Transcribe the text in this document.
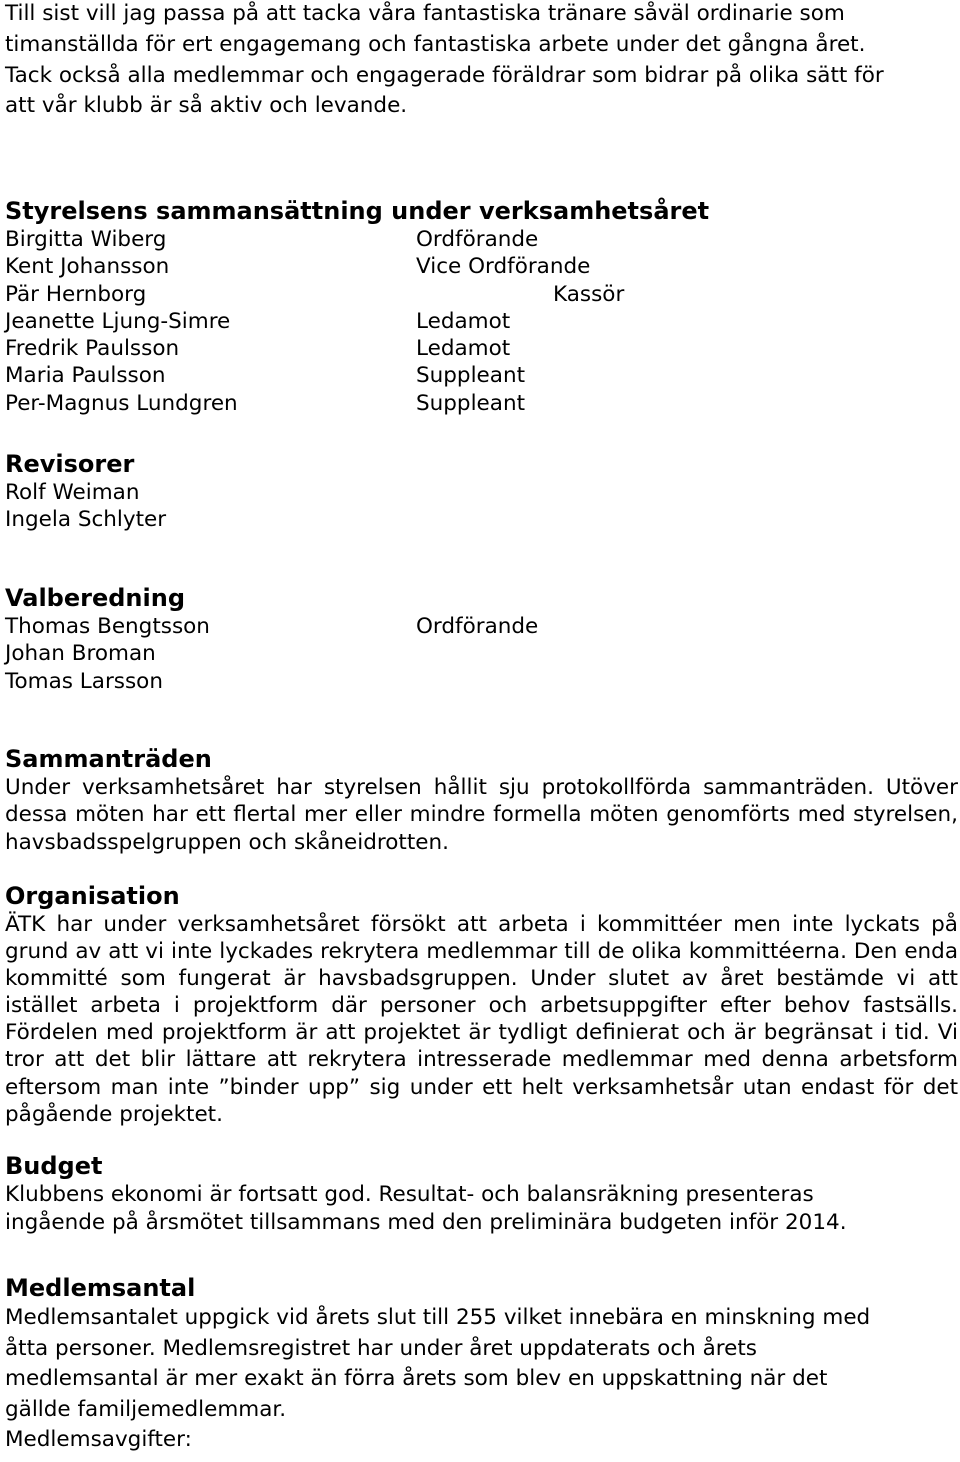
Till sist vill jag passa på att tacka våra fantastiska tränare såväl ordinarie som

timanställda för ert engagemang och fantastiska arbete under det gångna året.

Tack också alla medlemmar och engagerade föräldrar som bidrar på olika sätt för

att vår klubb är så aktiv och levande.

Styrelsens sammansättning under verksamhetsåret

Birgitta Wiberg	Ordförande
Kent Johansson	Vice Ordförande
Pär Hernborg	Kassör
Jeanette Ljung-Simre	Ledamot
Fredrik Paulsson	Ledamot
Maria Paulsson	Suppleant
Per-Magnus Lundgren	Suppleant

Revisorer

Rolf Weiman
Ingela Schlyter

Valberedning

Thomas Bengtsson	Ordförande
Johan Broman
Tomas Larsson

Sammanträden

Under verksamhetsåret har styrelsen hållit sju protokollförda sammanträden. Utöver dessa möten har ett flertal mer eller mindre formella möten genomförts med styrelsen, havsbadsspelgruppen och skåneidrotten.

Organisation

ÄTK har under verksamhetsåret försökt att arbeta i kommittéer men inte lyckats på grund av att vi inte lyckades rekrytera medlemmar till de olika kommittéerna. Den enda kommitté som fungerat är havsbadsgruppen. Under slutet av året bestämde vi att istället arbeta i projektform där personer och arbetsuppgifter efter behov fastsälls. Fördelen med projektform är att projektet är tydligt definierat och är begränsat i tid. Vi tror att det blir lättare att rekrytera intresserade medlemmar med denna arbetsform eftersom man inte ”binder upp” sig under ett helt verksamhetsår utan endast för det pågående projektet.

Budget

Klubbens ekonomi är fortsatt god. Resultat- och balansräkning presenteras

ingående på årsmötet tillsammans med den preliminära budgeten inför 2014.

Medlemsantal

Medlemsantalet uppgick vid årets slut till 255 vilket innebära en minskning med

åtta personer. Medlemsregistret har under året uppdaterats och årets

medlemsantal är mer exakt än förra årets som blev en uppskattning när det

gällde familjemedlemmar.

Medlemsavgifter:
